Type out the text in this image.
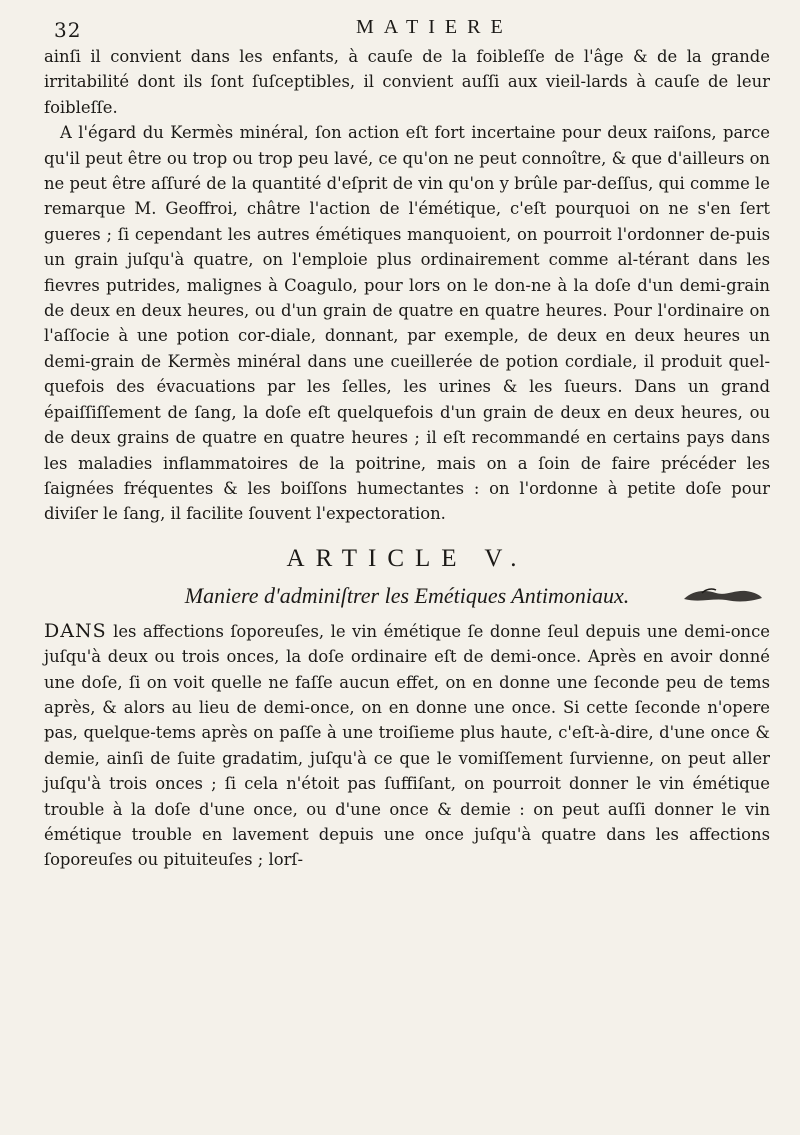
32	MATIERE

ainſi il convient dans les enfants, à cauſe de la foibleſſe de l'âge & de la grande irritabilité dont ils ſont ſuſceptibles, il convient auſſi aux vieil-lards à cauſe de leur foibleſſe.

A l'égard du Kermès minéral, ſon action eſt fort incertaine pour deux raiſons, parce qu'il peut être ou trop ou trop peu lavé, ce qu'on ne peut connoître, & que d'ailleurs on ne peut être aſſuré de la quantité d'eſprit de vin qu'on y brûle par-deſſus, qui comme le remarque M. Geoffroi, châtre l'action de l'émétique, c'eſt pourquoi on ne s'en ſert gueres ; ſi cependant les autres émétiques manquoient, on pourroit l'ordonner de-puis un grain juſqu'à quatre, on l'emploie plus ordinairement comme al-térant dans les fievres putrides, malignes à Coagulo, pour lors on le don-ne à la doſe d'un demi-grain de deux en deux heures, ou d'un grain de quatre en quatre heures. Pour l'ordinaire on l'aſſocie à une potion cor-diale, donnant, par exemple, de deux en deux heures un demi-grain de Kermès minéral dans une cueillerée de potion cordiale, il produit quel-quefois des évacuations par les ſelles, les urines & les ſueurs. Dans un grand épaiſſiſſement de ſang, la doſe eſt quelquefois d'un grain de deux en deux heures, ou de deux grains de quatre en quatre heures ; il eſt recommandé en certains pays dans les maladies inflammatoires de la poitrine, mais on a ſoin de faire précéder les ſaignées fréquentes & les boiſſons humectantes : on l'ordonne à petite doſe pour diviſer le ſang, il facilite ſouvent l'expectoration.

ARTICLE V.
Maniere d'adminiſtrer les Emétiques Antimoniaux.

DANS les affections ſoporeuſes, le vin émétique ſe donne ſeul depuis une demi-once juſqu'à deux ou trois onces, la doſe ordinaire eſt de demi-once. Après en avoir donné une doſe, ſi on voit quelle ne faſſe aucun effet, on en donne une ſeconde peu de tems après, & alors au lieu de demi-once, on en donne une once. Si cette ſeconde n'opere pas, quelque-tems après on paſſe à une troiſieme plus haute, c'eſt-à-dire, d'une once & demie, ainſi de ſuite gradatim, juſqu'à ce que le vomiſſement ſurvienne, on peut aller juſqu'à trois onces ; ſi cela n'étoit pas ſuffiſant, on pourroit donner le vin émétique trouble à la doſe d'une once, ou d'une once & demie : on peut auſſi donner le vin émétique trouble en lavement depuis une once juſqu'à quatre dans les affections ſoporeuſes ou pituiteuſes ; lorſ-
